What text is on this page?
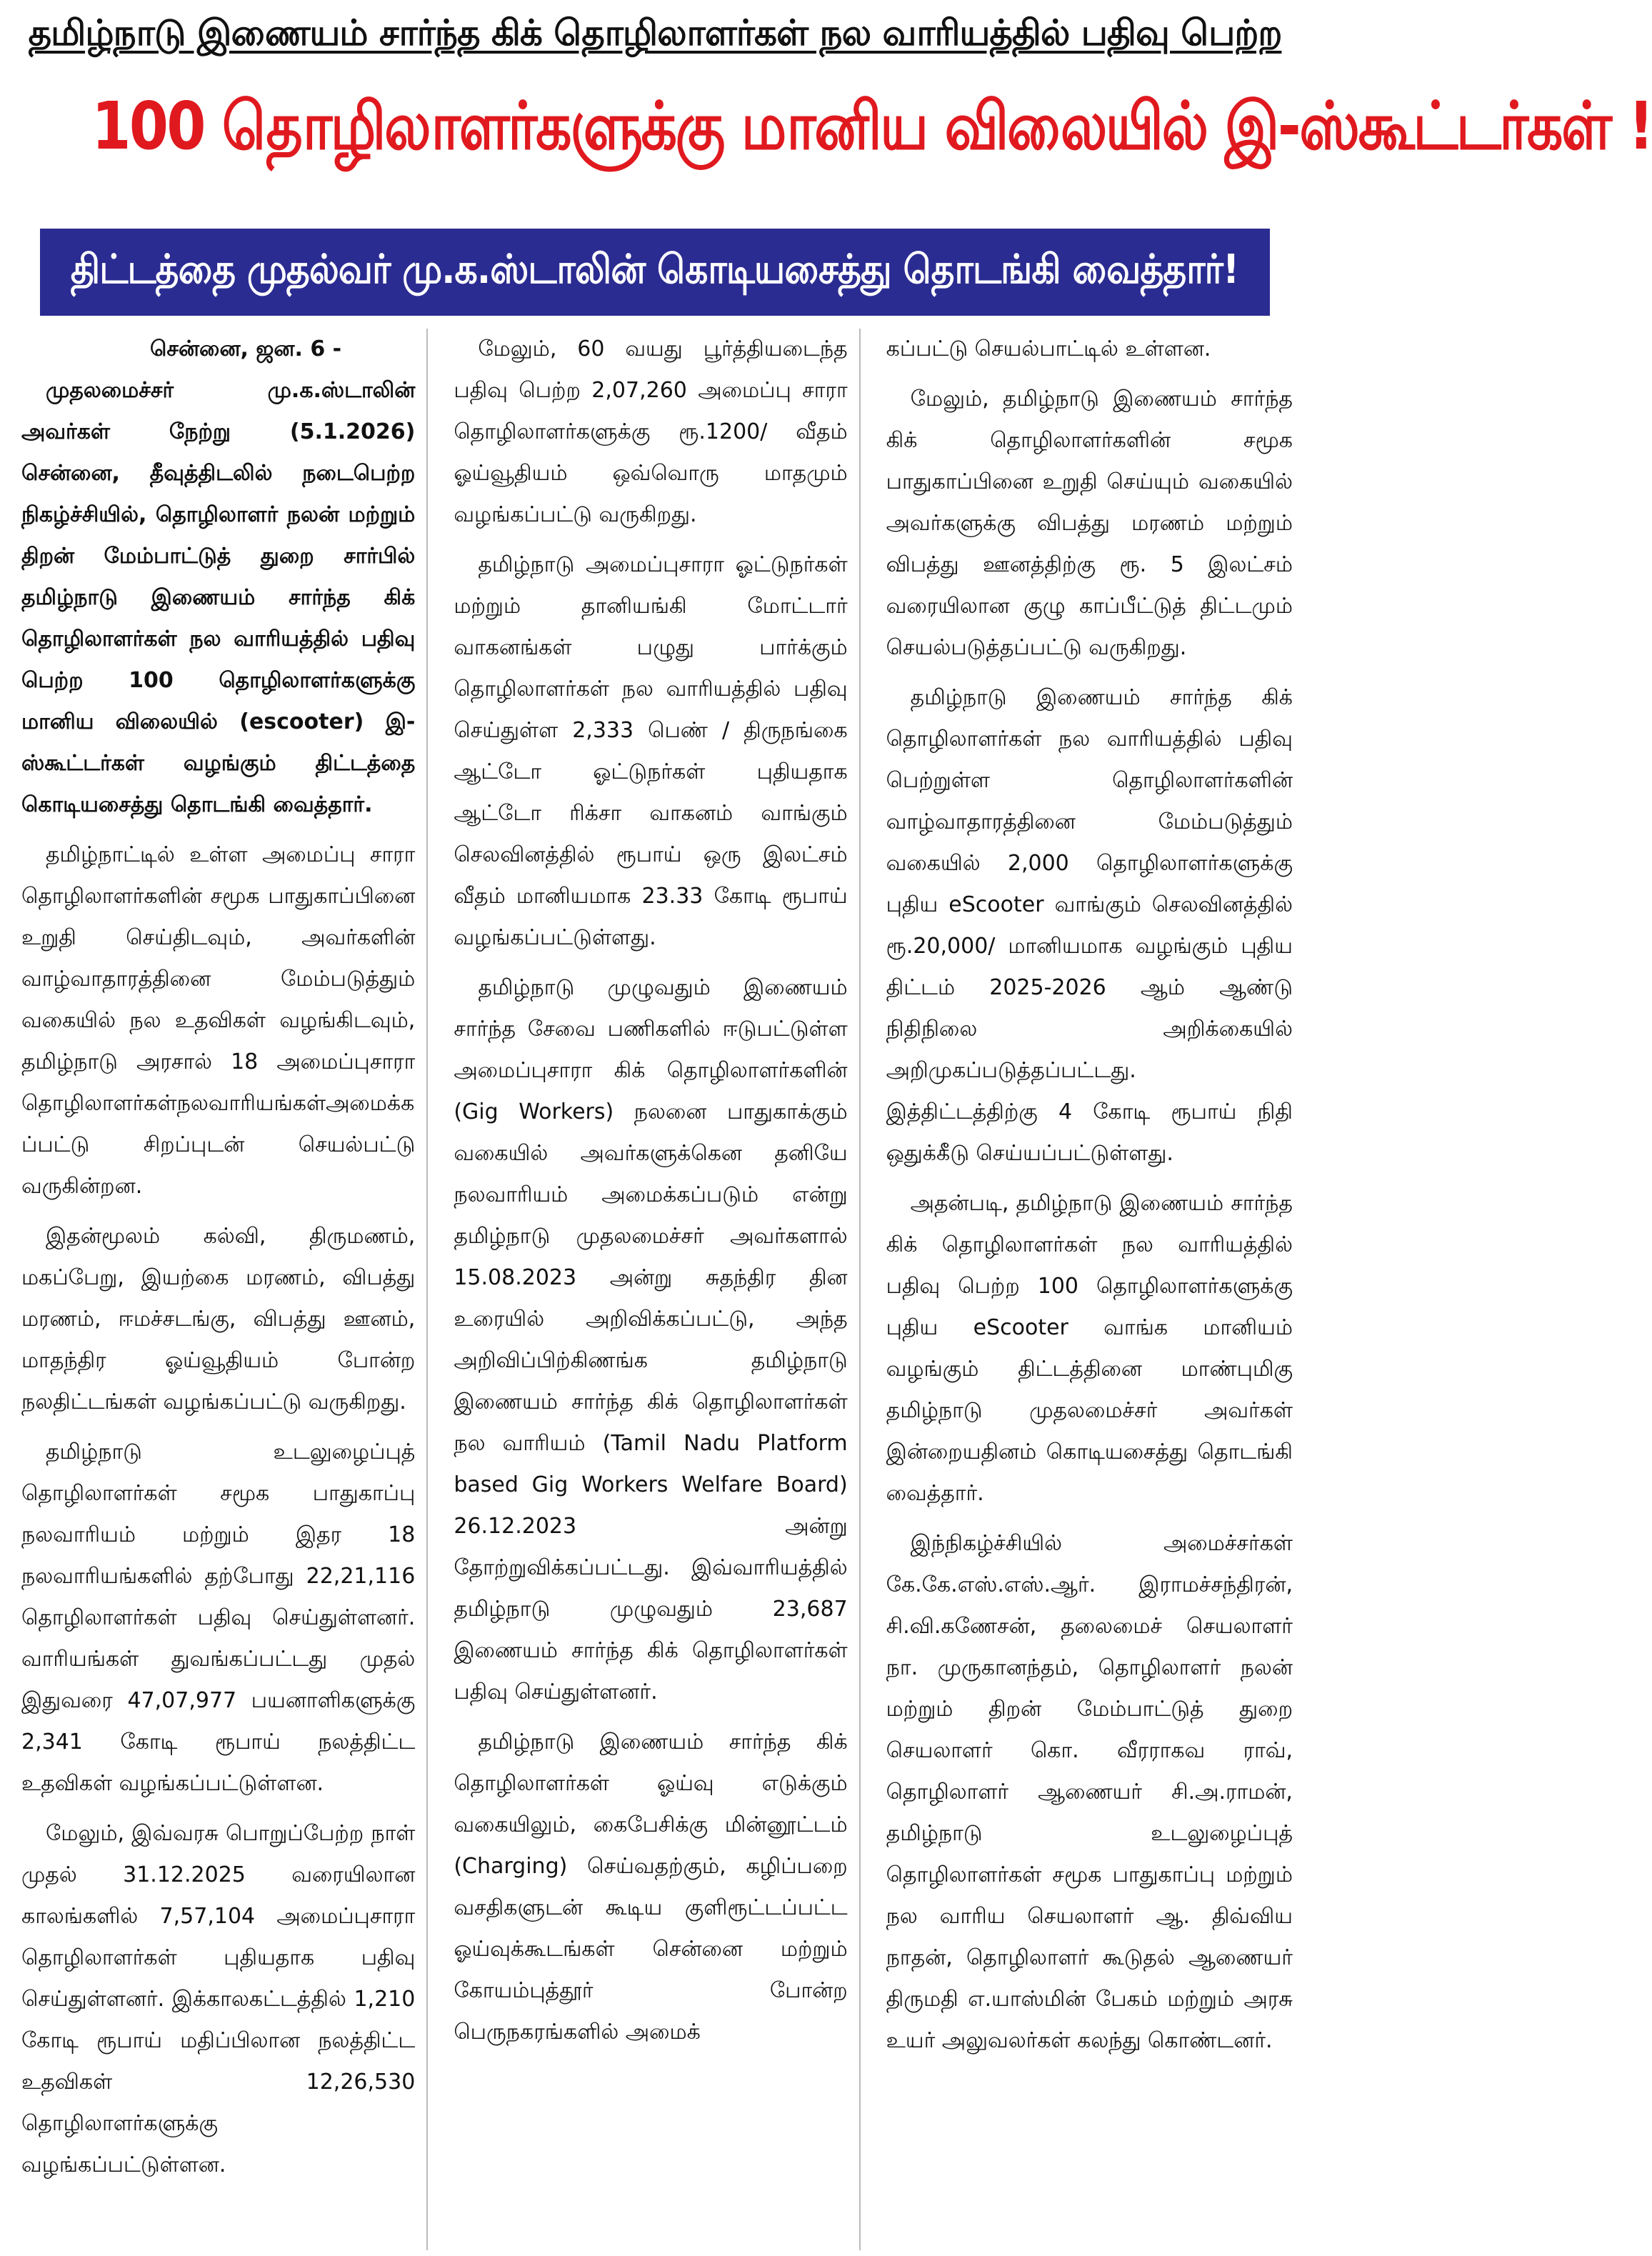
தமிழ்நாடு இணையம் சார்ந்த கிக் தொழிலாளர்கள் நல வாரியத்தில் பதிவு பெற்ற
100 தொழிலாளர்களுக்கு மானிய விலையில் இ-ஸ்கூட்டர்கள் !
திட்டத்தை முதல்வர் மு.க.ஸ்டாலின் கொடியசைத்து தொடங்கி வைத்தார்!

சென்னை, ஜன. 6 -

முதலமைச்சர் மு.க.ஸ்டாலின் அவர்கள் நேற்று (5.1.2026) சென்னை, தீவுத்திடலில் நடைபெற்ற நிகழ்ச்சியில், தொழிலாளர் நலன் மற்றும் திறன் மேம்பாட்டுத் துறை சார்பில் தமிழ்நாடு இணையம் சார்ந்த கிக் தொழிலாளர்கள் நல வாரியத்தில் பதிவு பெற்ற 100 தொழிலாளர்களுக்கு மானிய விலையில் (escooter) இ-ஸ்கூட்டர்கள் வழங்கும் திட்டத்தை கொடியசைத்து தொடங்கி வைத்தார்.

தமிழ்நாட்டில் உள்ள அமைப்பு சாரா தொழிலாளர்களின் சமூக பாதுகாப்பினை உறுதி செய்திடவும், அவர்களின் வாழ்வாதாரத்தினை மேம்படுத்தும் வகையில் நல உதவிகள் வழங்கிடவும், தமிழ்நாடு அரசால் 18 அமைப்புசாரா தொழிலாளர்கள்நலவாரியங்கள்அமைக்கப்பட்டு சிறப்புடன் செயல்பட்டு வருகின்றன.

இதன்மூலம் கல்வி, திருமணம், மகப்பேறு, இயற்கை மரணம், விபத்து மரணம், ஈமச்சடங்கு, விபத்து ஊனம், மாதந்திர ஓய்வூதியம் போன்ற நலதிட்டங்கள் வழங்கப்பட்டு வருகிறது.

தமிழ்நாடு உடலுழைப்புத் தொழிலாளர்கள் சமூக பாதுகாப்பு நலவாரியம் மற்றும் இதர 18 நலவாரியங்களில் தற்போது 22,21,116 தொழிலாளர்கள் பதிவு செய்துள்ளனர். வாரியங்கள் துவங்கப்பட்டது முதல் இதுவரை 47,07,977 பயனாளிகளுக்கு 2,341 கோடி ரூபாய் நலத்திட்ட உதவிகள் வழங்கப்பட்டுள்ளன.

மேலும், இவ்வரசு பொறுப்பேற்ற நாள் முதல் 31.12.2025 வரையிலான காலங்களில் 7,57,104 அமைப்புசாரா தொழிலாளர்கள் புதியதாக பதிவு செய்துள்ளனர். இக்காலகட்டத்தில் 1,210 கோடி ரூபாய் மதிப்பிலான நலத்திட்ட உதவிகள் 12,26,530 தொழிலாளர்களுக்கு வழங்கப்பட்டுள்ளன.

மேலும், 60 வயது பூர்த்தியடைந்த பதிவு பெற்ற 2,07,260 அமைப்பு சாரா தொழிலாளர்களுக்கு ரூ.1200/ வீதம் ஓய்வூதியம் ஒவ்வொரு மாதமும் வழங்கப்பட்டு வருகிறது.

தமிழ்நாடு அமைப்புசாரா ஓட்டுநர்கள் மற்றும் தானியங்கி மோட்டார் வாகனங்கள் பழுது பார்க்கும் தொழிலாளர்கள் நல வாரியத்தில் பதிவு செய்துள்ள 2,333 பெண் / திருநங்கை ஆட்டோ ஓட்டுநர்கள் புதியதாக ஆட்டோ ரிக்சா வாகனம் வாங்கும் செலவினத்தில் ரூபாய் ஒரு இலட்சம் வீதம் மானியமாக 23.33 கோடி ரூபாய் வழங்கப்பட்டுள்ளது.

தமிழ்நாடு முழுவதும் இணையம் சார்ந்த சேவை பணிகளில் ஈடுபட்டுள்ள அமைப்புசாரா கிக் தொழிலாளர்களின் (Gig Workers) நலனை பாதுகாக்கும் வகையில் அவர்களுக்கென தனியே நலவாரியம் அமைக்கப்படும் என்று தமிழ்நாடு முதலமைச்சர் அவர்களால் 15.08.2023 அன்று சுதந்திர தின உரையில் அறிவிக்கப்பட்டு, அந்த அறிவிப்பிற்கிணங்க தமிழ்நாடு இணையம் சார்ந்த கிக் தொழிலாளர்கள் நல வாரியம் (Tamil Nadu Platform based Gig Workers Welfare Board) 26.12.2023 அன்று தோற்றுவிக்கப்பட்டது. இவ்வாரியத்தில் தமிழ்நாடு முழுவதும் 23,687 இணையம் சார்ந்த கிக் தொழிலாளர்கள் பதிவு செய்துள்ளனர்.

தமிழ்நாடு இணையம் சார்ந்த கிக் தொழிலாளர்கள் ஓய்வு எடுக்கும் வகையிலும், கைபேசிக்கு மின்னூட்டம் (Charging) செய்வதற்கும், கழிப்பறை வசதிகளுடன் கூடிய குளிரூட்டப்பட்ட ஓய்வுக்கூடங்கள் சென்னை மற்றும் கோயம்புத்தூர் போன்ற பெருநகரங்களில் அமைக்

கப்பட்டு செயல்பாட்டில் உள்ளன.

மேலும், தமிழ்நாடு இணையம் சார்ந்த கிக் தொழிலாளர்களின் சமூக பாதுகாப்பினை உறுதி செய்யும் வகையில் அவர்களுக்கு விபத்து மரணம் மற்றும் விபத்து ஊனத்திற்கு ரூ. 5 இலட்சம் வரையிலான குழு காப்பீட்டுத் திட்டமும் செயல்படுத்தப்பட்டு வருகிறது.

தமிழ்நாடு இணையம் சார்ந்த கிக் தொழிலாளர்கள் நல வாரியத்தில் பதிவு பெற்றுள்ள தொழிலாளர்களின் வாழ்வாதாரத்தினை மேம்படுத்தும் வகையில் 2,000 தொழிலாளர்களுக்கு புதிய eScooter வாங்கும் செலவினத்தில் ரூ.20,000/ மானியமாக வழங்கும் புதிய திட்டம் 2025-2026 ஆம் ஆண்டு நிதிநிலை அறிக்கையில் அறிமுகப்படுத்தப்பட்டது. இத்திட்டத்திற்கு 4 கோடி ரூபாய் நிதி ஒதுக்கீடு செய்யப்பட்டுள்ளது.

அதன்படி, தமிழ்நாடு இணையம் சார்ந்த கிக் தொழிலாளர்கள் நல வாரியத்தில் பதிவு பெற்ற 100 தொழிலாளர்களுக்கு புதிய eScooter வாங்க மானியம் வழங்கும் திட்டத்தினை மாண்புமிகு தமிழ்நாடு முதலமைச்சர் அவர்கள் இன்றையதினம் கொடியசைத்து தொடங்கி வைத்தார்.

இந்நிகழ்ச்சியில் அமைச்சர்கள் கே.கே.எஸ்.எஸ்.ஆர். இராமச்சந்திரன், சி.வி.கணேசன், தலைமைச் செயலாளர் நா. முருகானந்தம், தொழிலாளர் நலன் மற்றும் திறன் மேம்பாட்டுத் துறை செயலாளர் கொ. வீரராகவ ராவ், தொழிலாளர் ஆணையர் சி.அ.ராமன், தமிழ்நாடு உடலுழைப்புத் தொழிலாளர்கள் சமூக பாதுகாப்பு மற்றும் நல வாரிய செயலாளர் ஆ. திவ்விய நாதன், தொழிலாளர் கூடுதல் ஆணையர் திருமதி எ.யாஸ்மின் பேகம் மற்றும் அரசு உயர் அலுவலர்கள் கலந்து கொண்டனர்.
